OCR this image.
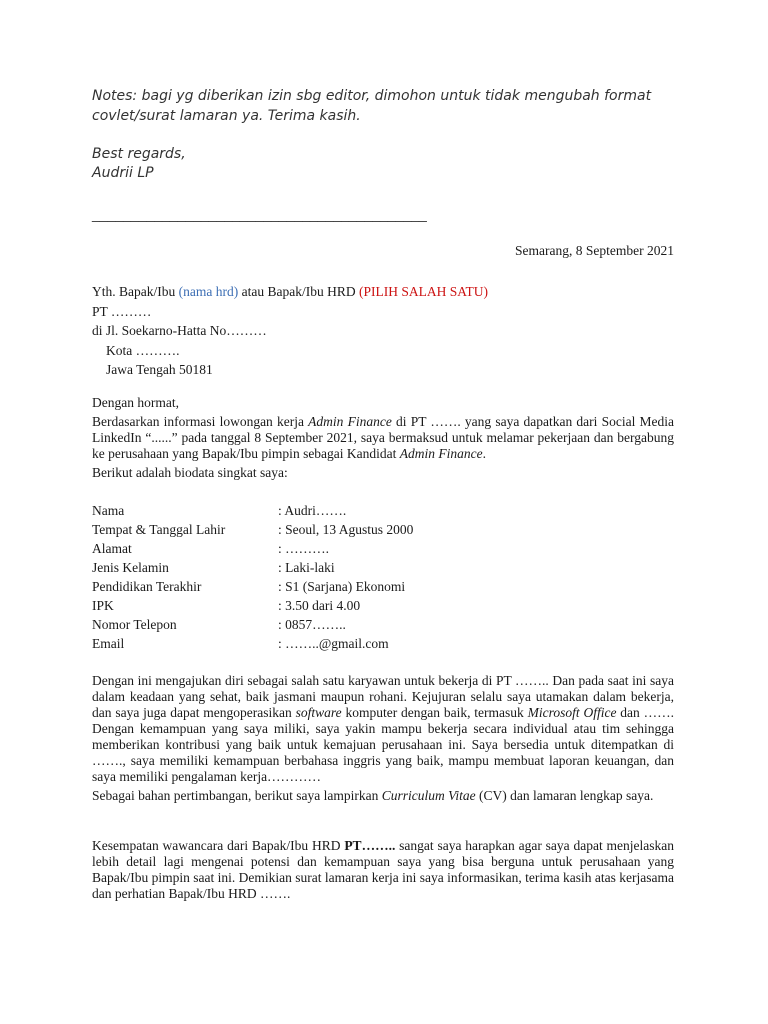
Notes: bagi yg diberikan izin sbg editor, dimohon untuk tidak mengubah format

covlet/surat lamaran ya. Terima kasih.

Best regards,

Audrii LP

___________________________________________
Semarang, 8 September 2021
Yth. Bapak/Ibu (nama hrd) atau Bapak/Ibu HRD (PILIH SALAH SATU)
PT ………
di Jl. Soekarno-Hatta No………
Kota ……….
Jawa Tengah 50181

Dengan hormat,

Berdasarkan informasi lowongan kerja Admin Finance di PT ……. yang saya dapatkan dari Social Media LinkedIn “......” pada tanggal 8 September 2021, saya bermaksud untuk melamar pekerjaan dan bergabung ke perusahaan yang Bapak/Ibu pimpin sebagai Kandidat Admin Finance.

Berikut adalah biodata singkat saya:

Nama	: Audri…….
Tempat & Tanggal Lahir	: Seoul, 13 Agustus 2000
Alamat	: ……….
Jenis Kelamin	: Laki-laki
Pendidikan Terakhir	: S1 (Sarjana) Ekonomi
IPK	: 3.50 dari 4.00
Nomor Telepon	: 0857……..
Email	: ……..@gmail.com

Dengan ini mengajukan diri sebagai salah satu karyawan untuk bekerja di PT …….. Dan pada saat ini saya dalam keadaan yang sehat, baik jasmani maupun rohani. Kejujuran selalu saya utamakan dalam bekerja, dan saya juga dapat mengoperasikan software komputer dengan baik, termasuk Microsoft Office dan ……. Dengan kemampuan yang saya miliki, saya yakin mampu bekerja secara individual atau tim sehingga memberikan kontribusi yang baik untuk kemajuan perusahaan ini. Saya bersedia untuk ditempatkan di ……., saya memiliki kemampuan berbahasa inggris yang baik, mampu membuat laporan keuangan, dan saya memiliki pengalaman kerja…………

Sebagai bahan pertimbangan, berikut saya lampirkan Curriculum Vitae (CV) dan lamaran lengkap saya.

Kesempatan wawancara dari Bapak/Ibu HRD PT…….. sangat saya harapkan agar saya dapat menjelaskan lebih detail lagi mengenai potensi dan kemampuan saya yang bisa berguna untuk perusahaan yang Bapak/Ibu pimpin saat ini. Demikian surat lamaran kerja ini saya informasikan, terima kasih atas kerjasama dan perhatian Bapak/Ibu HRD …….
